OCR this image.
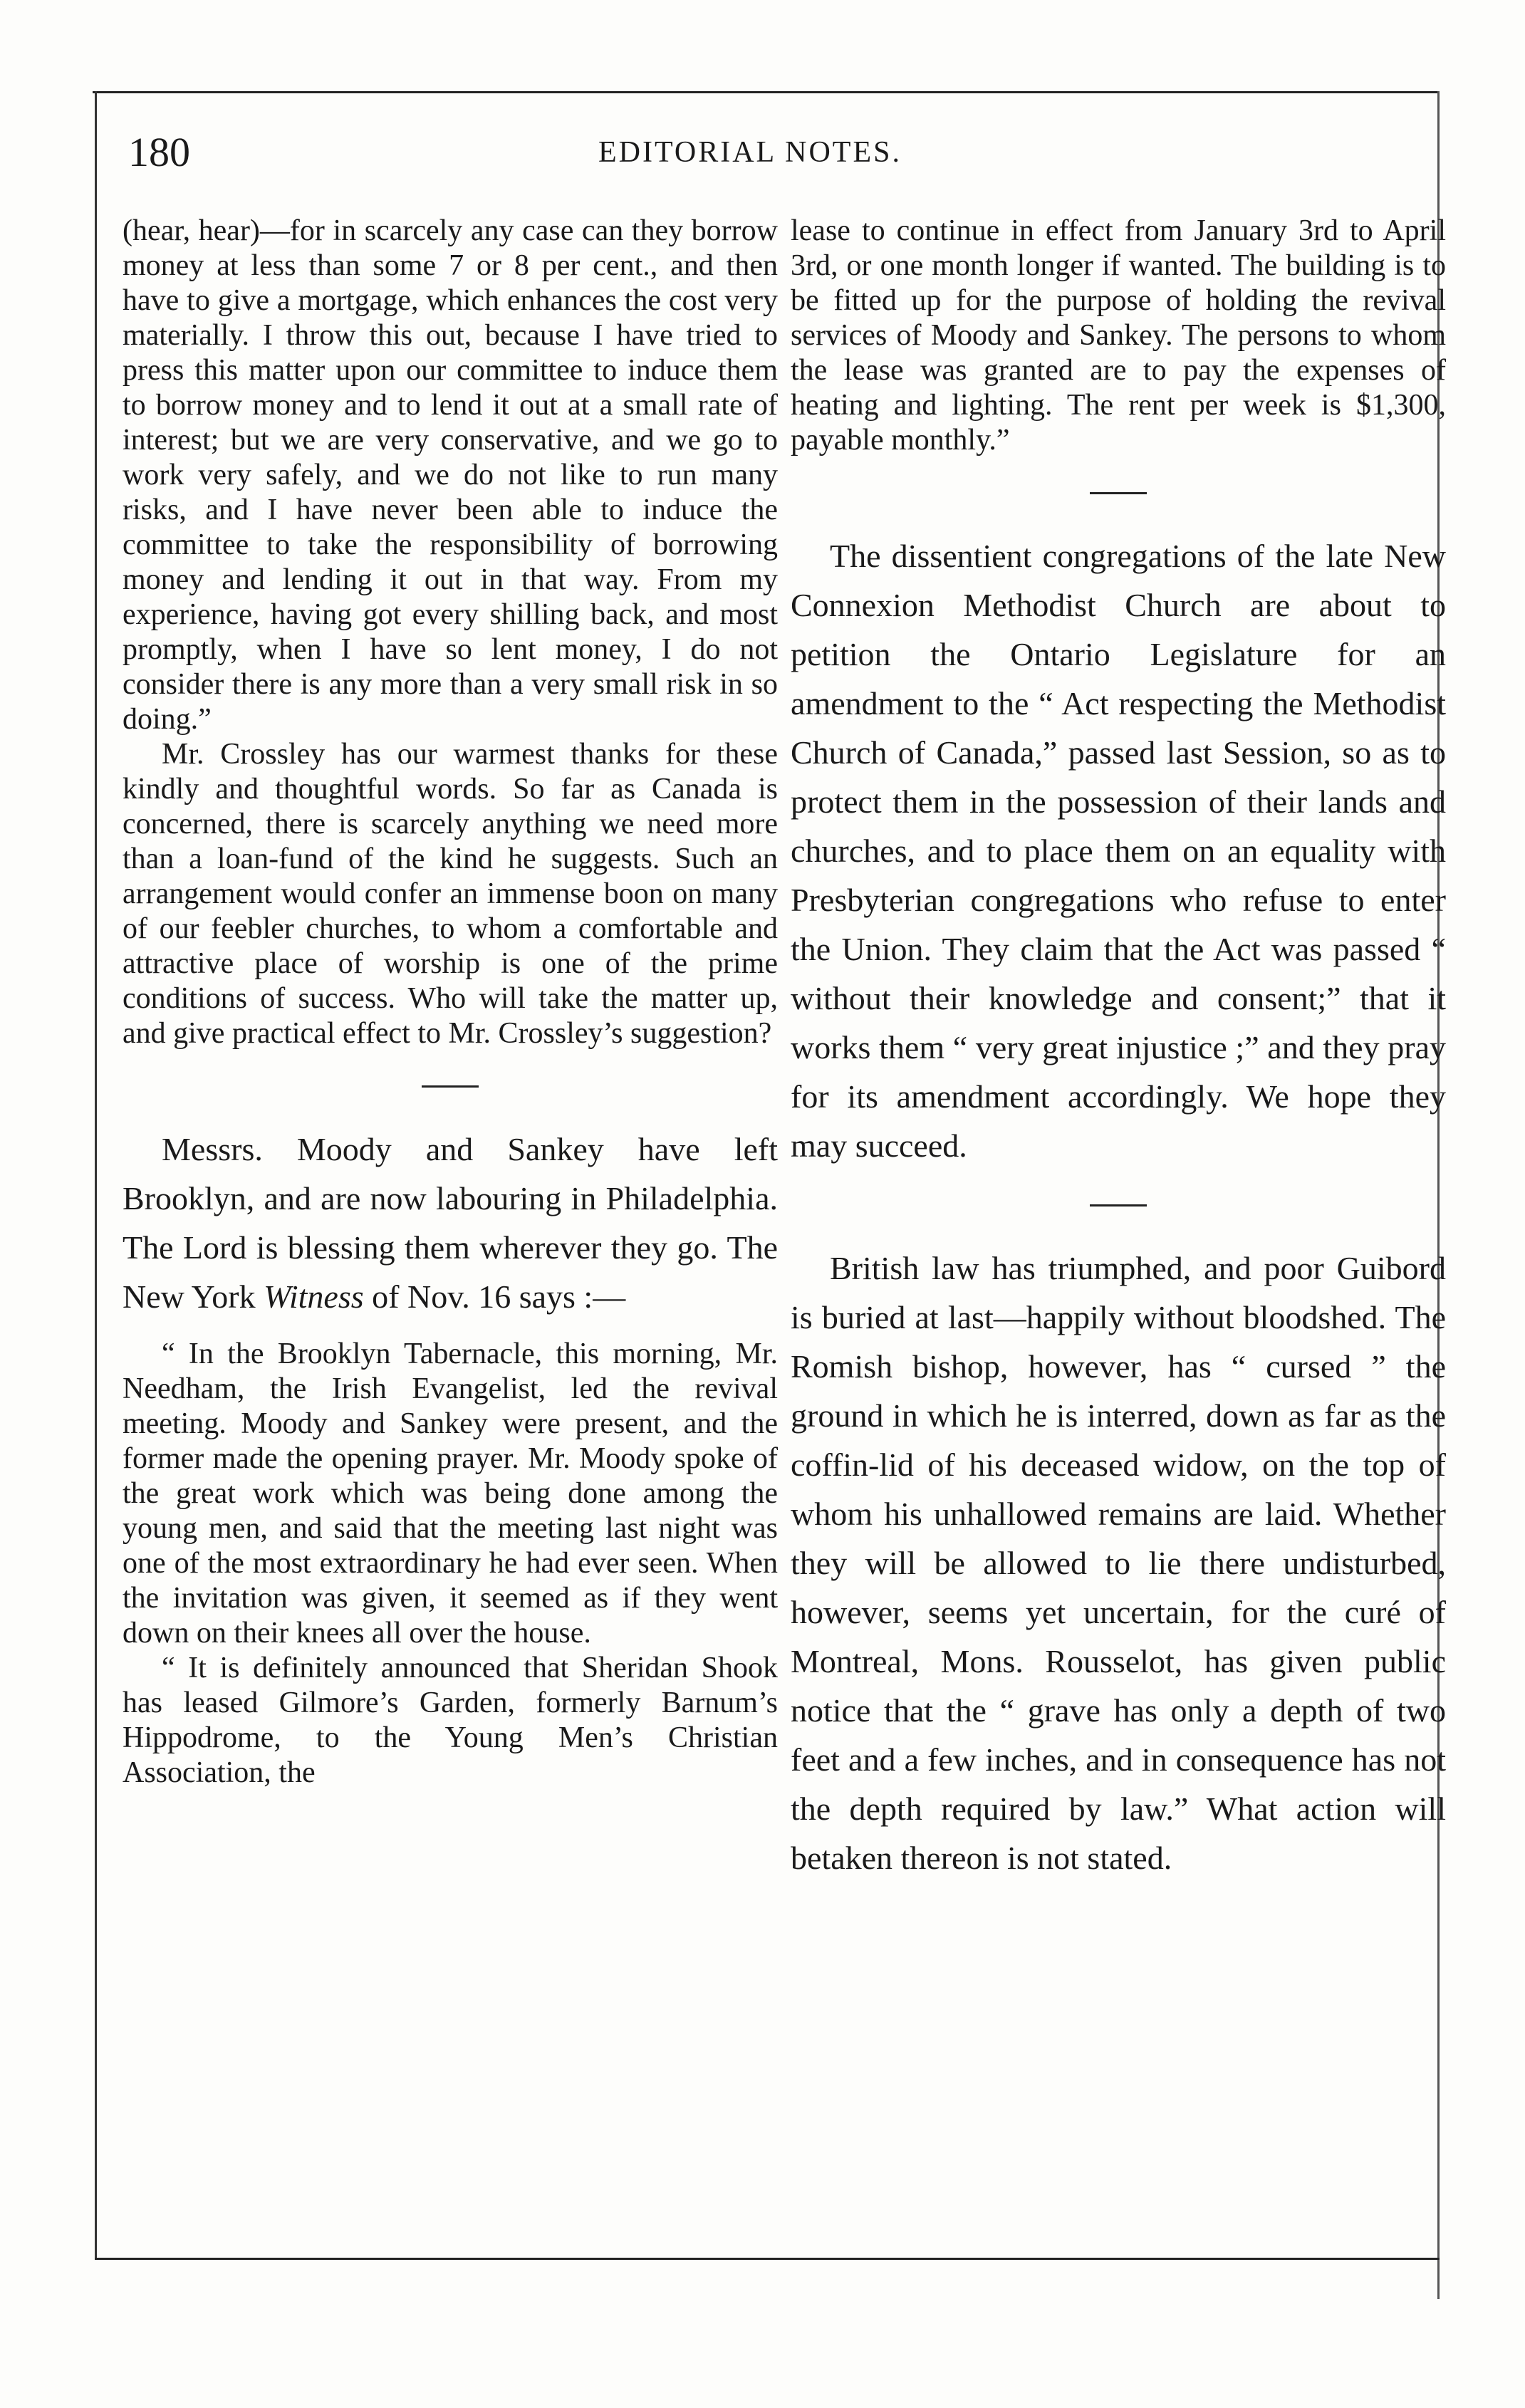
180	EDITORIAL NOTES.

(hear, hear)—for in scarcely any case can they borrow money at less than some 7 or 8 per cent., and then have to give a mortgage, which enhances the cost very materially. I throw this out, because I have tried to press this matter upon our committee to induce them to borrow money and to lend it out at a small rate of interest; but we are very conservative, and we go to work very safely, and we do not like to run many risks, and I have never been able to induce the committee to take the responsibility of borrowing money and lending it out in that way. From my experience, having got every shilling back, and most promptly, when I have so lent money, I do not consider there is any more than a very small risk in so doing.”

Mr. Crossley has our warmest thanks for these kindly and thoughtful words. So far as Canada is concerned, there is scarcely anything we need more than a loan-fund of the kind he suggests. Such an arrangement would confer an immense boon on many of our feebler churches, to whom a comfortable and attractive place of worship is one of the prime conditions of success. Who will take the matter up, and give practical effect to Mr. Crossley’s suggestion?

Messrs. Moody and Sankey have left Brooklyn, and are now labouring in Philadelphia. The Lord is blessing them wherever they go. The New York Witness of Nov. 16 says :—

“ In the Brooklyn Tabernacle, this morning, Mr. Needham, the Irish Evangelist, led the revival meeting. Moody and Sankey were present, and the former made the opening prayer. Mr. Moody spoke of the great work which was being done among the young men, and said that the meeting last night was one of the most extraordinary he had ever seen. When the invitation was given, it seemed as if they went down on their knees all over the house.

“ It is definitely announced that Sheridan Shook has leased Gilmore’s Garden, formerly Barnum’s Hippodrome, to the Young Men’s Christian Association, the

lease to continue in effect from January 3rd to April 3rd, or one month longer if wanted. The building is to be fitted up for the purpose of holding the revival services of Moody and Sankey. The persons to whom the lease was granted are to pay the expenses of heating and lighting. The rent per week is $1,300, payable monthly.”

The dissentient congregations of the late New Connexion Methodist Church are about to petition the Ontario Legislature for an amendment to the “ Act respecting the Methodist Church of Canada,” passed last Session, so as to protect them in the possession of their lands and churches, and to place them on an equality with Presbyterian congregations who refuse to enter the Union. They claim that the Act was passed “ without their knowledge and consent;” that it works them “ very great injustice ;” and they pray for its amendment accordingly. We hope they may succeed.

British law has triumphed, and poor Guibord is buried at last—happily without bloodshed. The Romish bishop, however, has “ cursed ” the ground in which he is interred, down as far as the coffin-lid of his deceased widow, on the top of whom his unhallowed remains are laid. Whether they will be allowed to lie there undisturbed, however, seems yet uncertain, for the curé of Montreal, Mons. Rousselot, has given public notice that the “ grave has only a depth of two feet and a few inches, and in consequence has not the depth required by law.” What action will betaken thereon is not stated.
